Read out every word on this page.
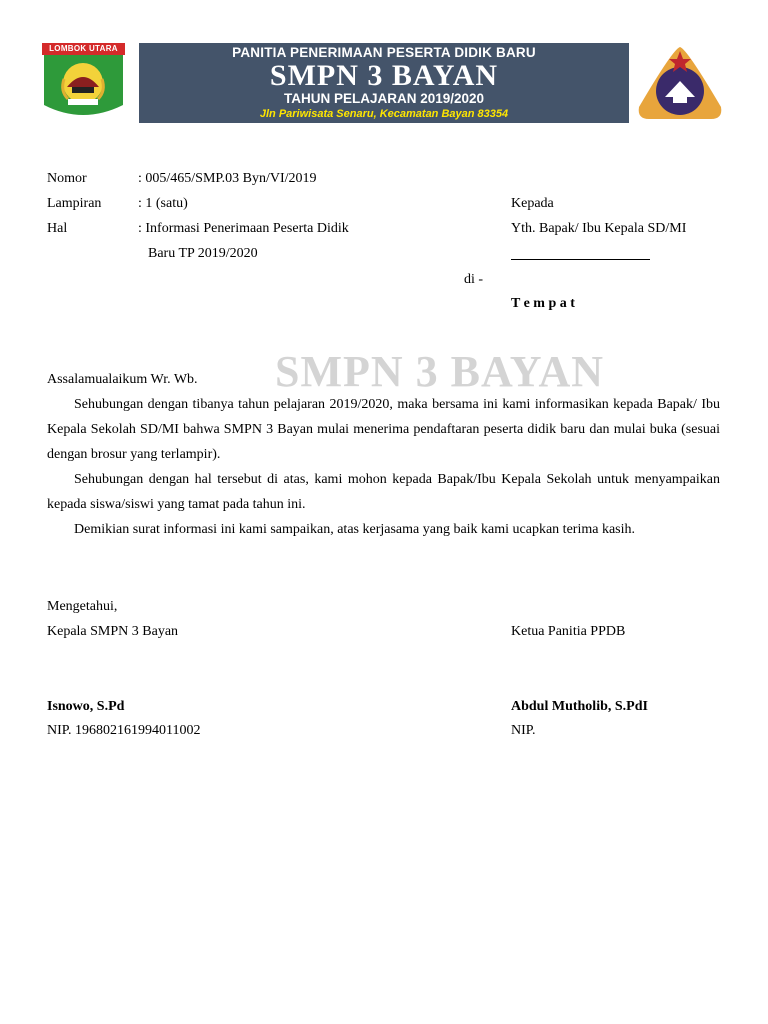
LOMBOK UTARA	PANITIA PENERIMAAN PESERTA DIDIK BARU
SMPN 3 BAYAN
TAHUN PELAJARAN 2019/2020
Jln Pariwisata Senaru, Kecamatan Bayan 83354
Nomor	: 005/465/SMP.03 Byn/VI/2019
Lampiran	: 1 (satu)
Hal	: Informasi Penerimaan Peserta Didik
Baru TP 2019/2020
Kepada
Yth. Bapak/ Ibu Kepala SD/MI
di -
T e m p a t
SMPN 3 BAYAN
Assalamualaikum Wr. Wb.
Sehubungan dengan tibanya tahun pelajaran 2019/2020, maka bersama ini kami informasikan kepada Bapak/ Ibu Kepala Sekolah SD/MI bahwa SMPN 3 Bayan mulai menerima pendaftaran peserta didik baru dan mulai buka (sesuai dengan brosur yang terlampir).
Sehubungan dengan hal tersebut di atas, kami mohon kepada Bapak/Ibu Kepala Sekolah untuk menyampaikan kepada siswa/siswi yang tamat pada tahun ini.
Demikian surat informasi ini kami sampaikan, atas kerjasama yang baik kami ucapkan terima kasih.
Mengetahui,
Kepala SMPN 3 Bayan
Isnowo, S.Pd
NIP. 196802161994011002
Ketua Panitia PPDB
Abdul Mutholib, S.PdI
NIP.
